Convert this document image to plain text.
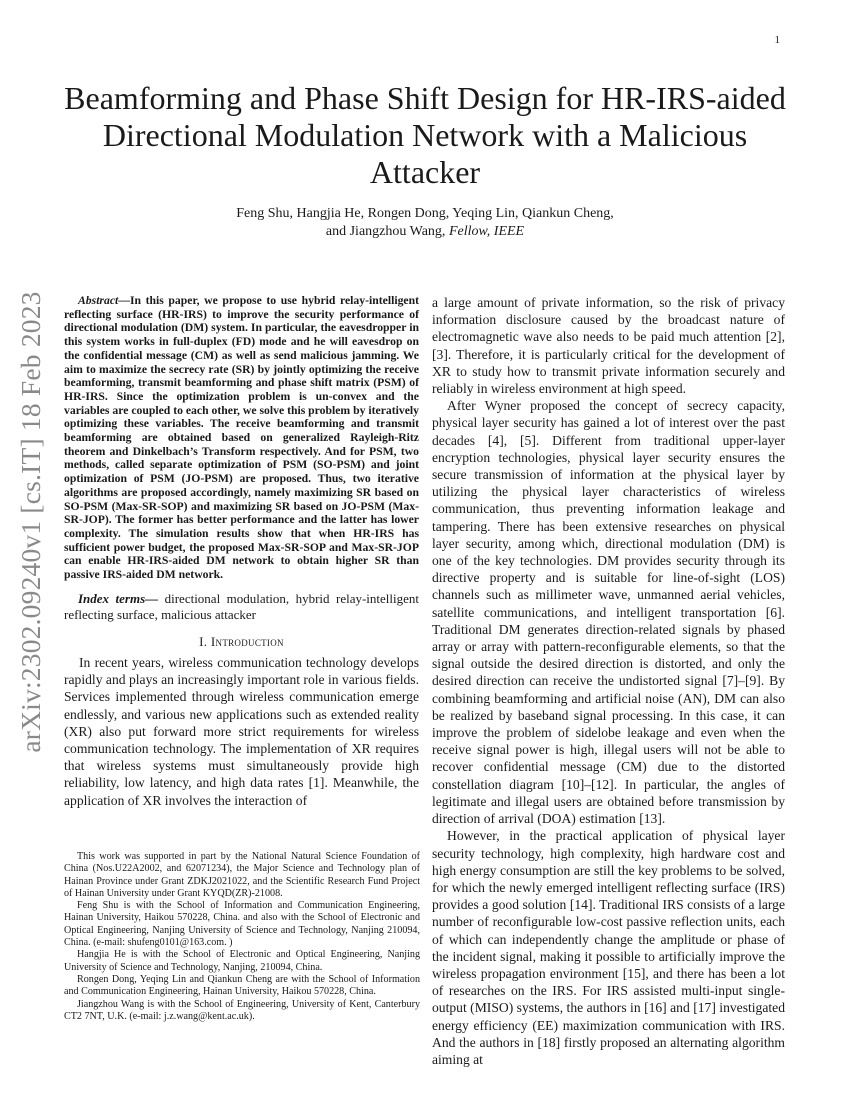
1
arXiv:2302.09240v1 [cs.IT] 18 Feb 2023
Beamforming and Phase Shift Design for HR-IRS-aided Directional Modulation Network with a Malicious Attacker
Feng Shu, Hangjia He, Rongen Dong, Yeqing Lin, Qiankun Cheng,
and Jiangzhou Wang, Fellow, IEEE

Abstract—In this paper, we propose to use hybrid relay-intelligent reflecting surface (HR-IRS) to improve the security performance of directional modulation (DM) system. In particular, the eavesdropper in this system works in full-duplex (FD) mode and he will eavesdrop on the confidential message (CM) as well as send malicious jamming. We aim to maximize the secrecy rate (SR) by jointly optimizing the receive beamforming, transmit beamforming and phase shift matrix (PSM) of HR-IRS. Since the optimization problem is un-convex and the variables are coupled to each other, we solve this problem by iteratively optimizing these variables. The receive beamforming and transmit beamforming are obtained based on generalized Rayleigh-Ritz theorem and Dinkelbach’s Transform respectively. And for PSM, two methods, called separate optimization of PSM (SO-PSM) and joint optimization of PSM (JO-PSM) are proposed. Thus, two iterative algorithms are proposed accordingly, namely maximizing SR based on SO-PSM (Max-SR-SOP) and maximizing SR based on JO-PSM (Max-SR-JOP). The former has better performance and the latter has lower complexity. The simulation results show that when HR-IRS has sufficient power budget, the proposed Max-SR-SOP and Max-SR-JOP can enable HR-IRS-aided DM network to obtain higher SR than passive IRS-aided DM network.

Index terms— directional modulation, hybrid relay-intelligent reflecting surface, malicious attacker

I. Introduction

In recent years, wireless communication technology develops rapidly and plays an increasingly important role in various fields. Services implemented through wireless communication emerge endlessly, and various new applications such as extended reality (XR) also put forward more strict requirements for wireless communication technology. The implementation of XR requires that wireless systems must simultaneously provide high reliability, low latency, and high data rates [1]. Meanwhile, the application of XR involves the interaction of

This work was supported in part by the National Natural Science Foundation of China (Nos.U22A2002, and 62071234), the Major Science and Technology plan of Hainan Province under Grant ZDKJ2021022, and the Scientific Research Fund Project of Hainan University under Grant KYQD(ZR)-21008.

Feng Shu is with the School of Information and Communication Engineering, Hainan University, Haikou 570228, China. and also with the School of Electronic and Optical Engineering, Nanjing University of Science and Technology, Nanjing 210094, China. (e-mail: shufeng0101@163.com. )

Hangjia He is with the School of Electronic and Optical Engineering, Nanjing University of Science and Technology, Nanjing, 210094, China.

Rongen Dong, Yeqing Lin and Qiankun Cheng are with the School of Information and Communication Engineering, Hainan University, Haikou 570228, China.

Jiangzhou Wang is with the School of Engineering, University of Kent, Canterbury CT2 7NT, U.K. (e-mail: j.z.wang@kent.ac.uk).

a large amount of private information, so the risk of privacy information disclosure caused by the broadcast nature of electromagnetic wave also needs to be paid much attention [2], [3]. Therefore, it is particularly critical for the development of XR to study how to transmit private information securely and reliably in wireless environment at high speed.

After Wyner proposed the concept of secrecy capacity, physical layer security has gained a lot of interest over the past decades [4], [5]. Different from traditional upper-layer encryption technologies, physical layer security ensures the secure transmission of information at the physical layer by utilizing the physical layer characteristics of wireless communication, thus preventing information leakage and tampering. There has been extensive researches on physical layer security, among which, directional modulation (DM) is one of the key technologies. DM provides security through its directive property and is suitable for line-of-sight (LOS) channels such as millimeter wave, unmanned aerial vehicles, satellite communications, and intelligent transportation [6]. Traditional DM generates direction-related signals by phased array or array with pattern-reconfigurable elements, so that the signal outside the desired direction is distorted, and only the desired direction can receive the undistorted signal [7]–[9]. By combining beamforming and artificial noise (AN), DM can also be realized by baseband signal processing. In this case, it can improve the problem of sidelobe leakage and even when the receive signal power is high, illegal users will not be able to recover confidential message (CM) due to the distorted constellation diagram [10]–[12]. In particular, the angles of legitimate and illegal users are obtained before transmission by direction of arrival (DOA) estimation [13].

However, in the practical application of physical layer security technology, high complexity, high hardware cost and high energy consumption are still the key problems to be solved, for which the newly emerged intelligent reflecting surface (IRS) provides a good solution [14]. Traditional IRS consists of a large number of reconfigurable low-cost passive reflection units, each of which can independently change the amplitude or phase of the incident signal, making it possible to artificially improve the wireless propagation environment [15], and there has been a lot of researches on the IRS. For IRS assisted multi-input single-output (MISO) systems, the authors in [16] and [17] investigated energy efficiency (EE) maximization communication with IRS. And the authors in [18] firstly proposed an alternating algorithm aiming at
